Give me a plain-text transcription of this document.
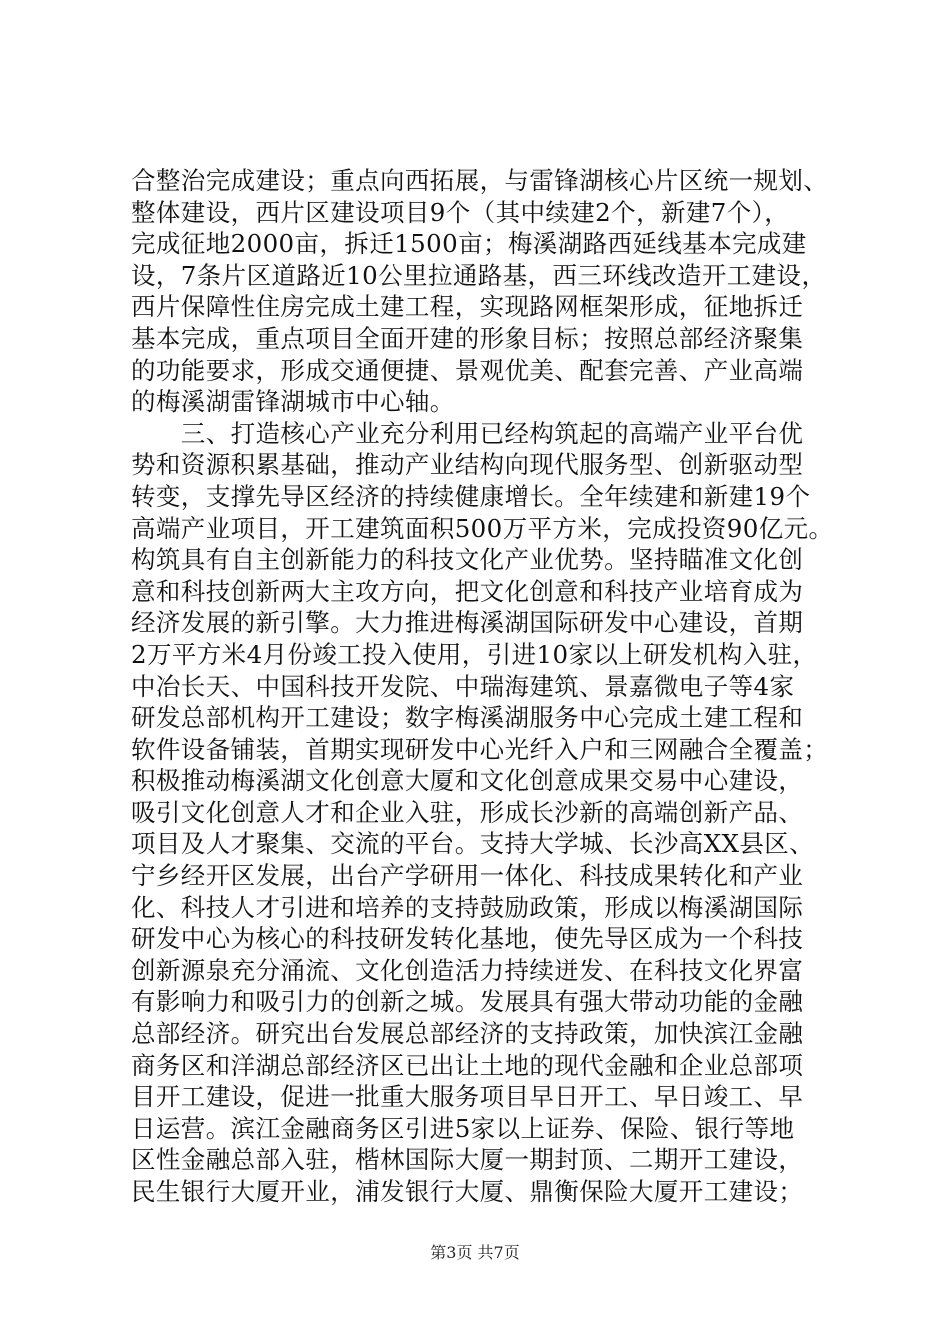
合整治完成建设；重点向西拓展，与雷锋湖核心片区统一规划、
整体建设，西片区建设项目9个（其中续建2个，新建7个），
完成征地2000亩，拆迁1500亩；梅溪湖路西延线基本完成建
设，7条片区道路近10公里拉通路基，西三环线改造开工建设，
西片保障性住房完成土建工程，实现路网框架形成，征地拆迁
基本完成，重点项目全面开建的形象目标；按照总部经济聚集
的功能要求，形成交通便捷、景观优美、配套完善、产业高端
的梅溪湖雷锋湖城市中心轴。
　　三、打造核心产业充分利用已经构筑起的高端产业平台优
势和资源积累基础，推动产业结构向现代服务型、创新驱动型
转变，支撑先导区经济的持续健康增长。全年续建和新建19个
高端产业项目，开工建筑面积500万平方米，完成投资90亿元。
构筑具有自主创新能力的科技文化产业优势。坚持瞄准文化创
意和科技创新两大主攻方向，把文化创意和科技产业培育成为
经济发展的新引擎。大力推进梅溪湖国际研发中心建设，首期
2万平方米4月份竣工投入使用，引进10家以上研发机构入驻，
中冶长天、中国科技开发院、中瑞海建筑、景嘉微电子等4家
研发总部机构开工建设；数字梅溪湖服务中心完成土建工程和
软件设备铺装，首期实现研发中心光纤入户和三网融合全覆盖；
积极推动梅溪湖文化创意大厦和文化创意成果交易中心建设，
吸引文化创意人才和企业入驻，形成长沙新的高端创新产品、
项目及人才聚集、交流的平台。支持大学城、长沙高XX县区、
宁乡经开区发展，出台产学研用一体化、科技成果转化和产业
化、科技人才引进和培养的支持鼓励政策，形成以梅溪湖国际
研发中心为核心的科技研发转化基地，使先导区成为一个科技
创新源泉充分涌流、文化创造活力持续迸发、在科技文化界富
有影响力和吸引力的创新之城。发展具有强大带动功能的金融
总部经济。研究出台发展总部经济的支持政策，加快滨江金融
商务区和洋湖总部经济区已出让土地的现代金融和企业总部项
目开工建设，促进一批重大服务项目早日开工、早日竣工、早
日运营。滨江金融商务区引进5家以上证券、保险、银行等地
区性金融总部入驻，楷林国际大厦一期封顶、二期开工建设，
民生银行大厦开业，浦发银行大厦、鼎衡保险大厦开工建设；
第3页 共7页
